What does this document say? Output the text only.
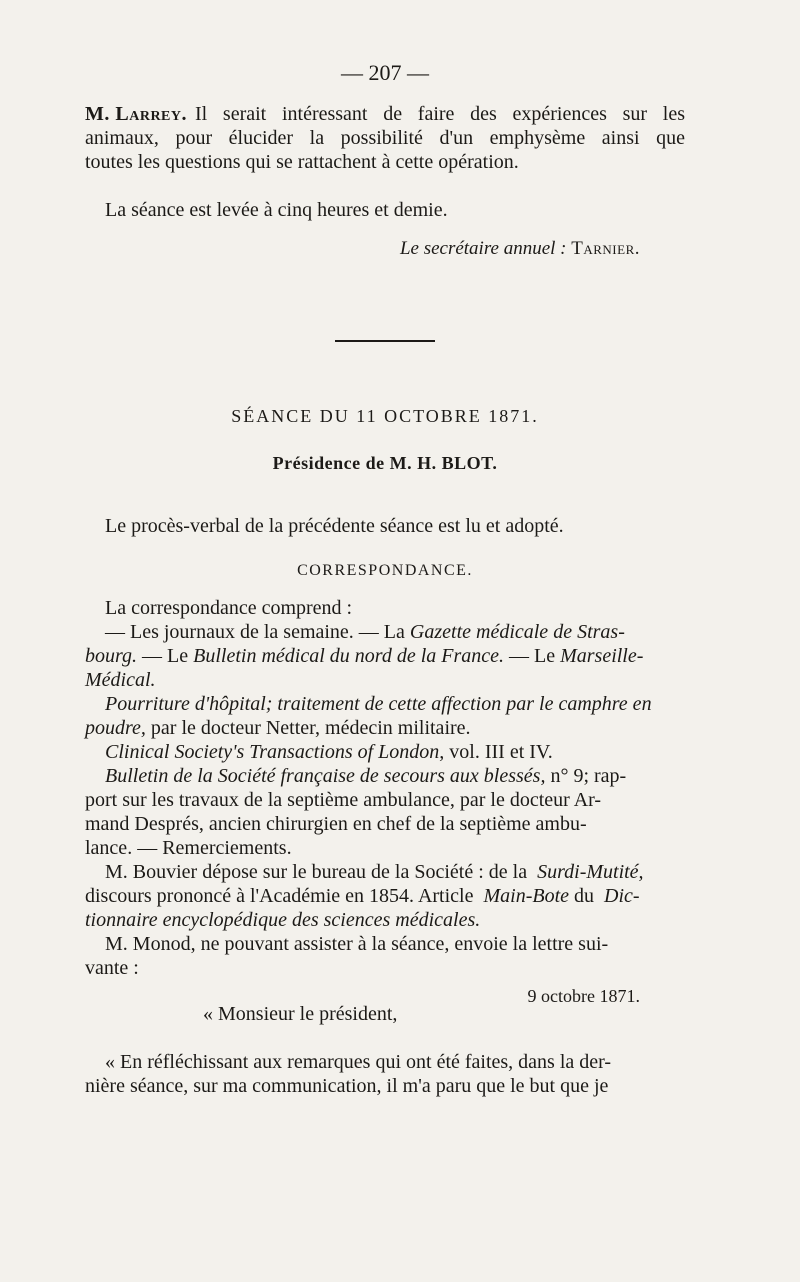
— 207 —
M. Larrey. Il serait intéressant de faire des expériences sur les
animaux, pour élucider la possibilité d'un emphysème ainsi que
toutes les questions qui se rattachent à cette opération.
La séance est levée à cinq heures et demie.
Le secrétaire annuel : Tarnier.
SÉANCE DU 11 OCTOBRE 1871.
Présidence de M. H. BLOT.
Le procès-verbal de la précédente séance est lu et adopté.
CORRESPONDANCE.
La correspondance comprend :
— Les journaux de la semaine. — La Gazette médicale de Stras-
bourg. — Le Bulletin médical du nord de la France. — Le Marseille-
Médical.
Pourriture d'hôpital; traitement de cette affection par le camphre en
poudre, par le docteur Netter, médecin militaire.
Clinical Society's Transactions of London, vol. III et IV.
Bulletin de la Société française de secours aux blessés, n° 9; rap-
port sur les travaux de la septième ambulance, par le docteur Ar-
mand Després, ancien chirurgien en chef de la septième ambu-
lance. — Remerciements.
M. Bouvier dépose sur le bureau de la Société : de la Surdi-Mutité,
discours prononcé à l'Académie en 1854. Article Main-Bote du Dic-
tionnaire encyclopédique des sciences médicales.
M. Monod, ne pouvant assister à la séance, envoie la lettre sui-
vante :
9 octobre 1871.
« Monsieur le président,
« En réfléchissant aux remarques qui ont été faites, dans la der-
nière séance, sur ma communication, il m'a paru que le but que je
